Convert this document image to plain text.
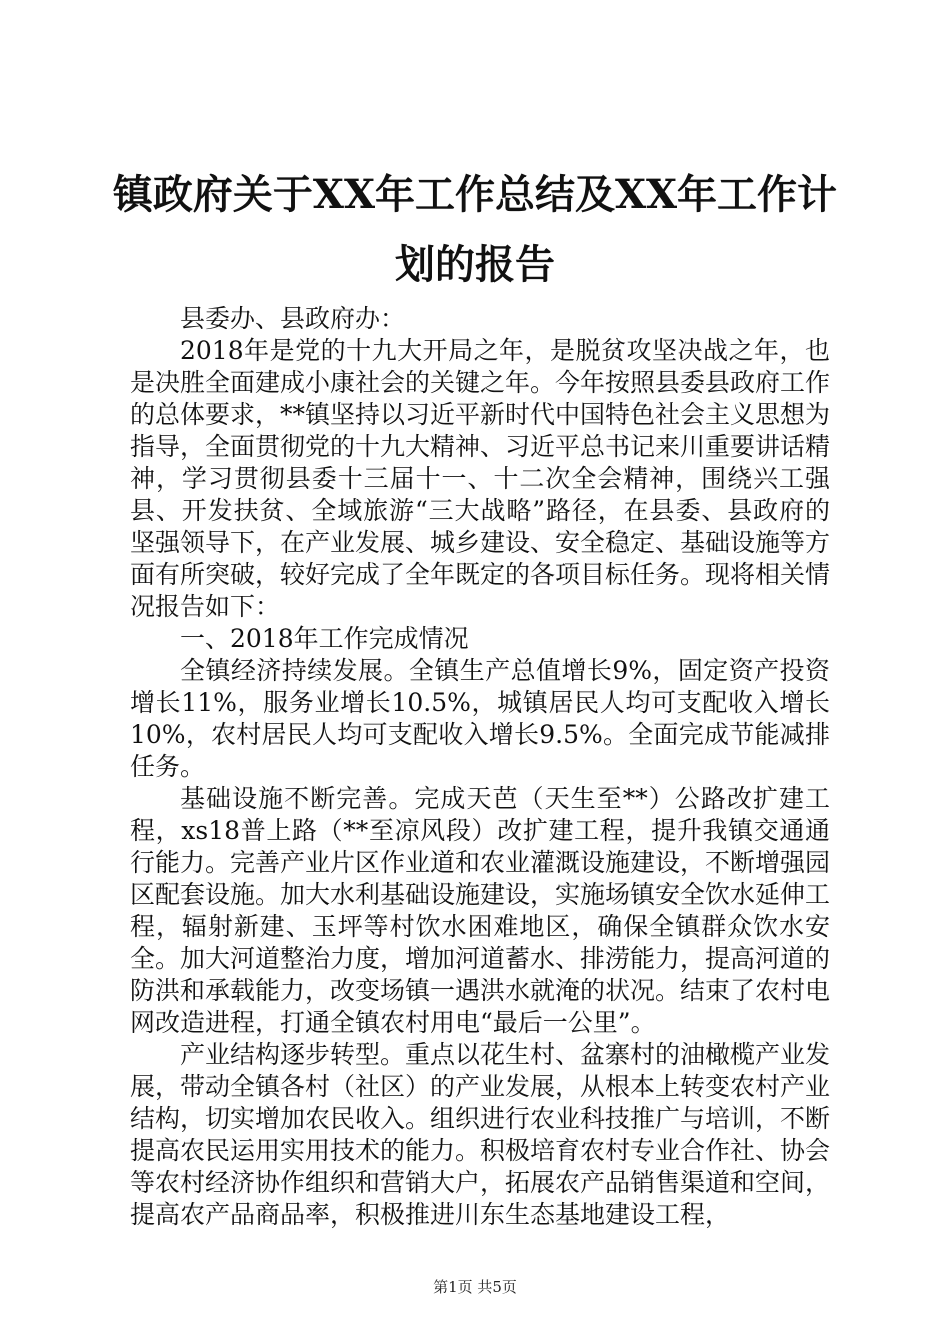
镇政府关于XX年工作总结及XX年工作计划的报告

县委办、县政府办：

2018年是党的十九大开局之年，是脱贫攻坚决战之年，也是决胜全面建成小康社会的关键之年。今年按照县委县政府工作的总体要求，**镇坚持以习近平新时代中国特色社会主义思想为指导，全面贯彻党的十九大精神、习近平总书记来川重要讲话精神，学习贯彻县委十三届十一、十二次全会精神，围绕兴工强县、开发扶贫、全域旅游“三大战略”路径，在县委、县政府的坚强领导下，在产业发展、城乡建设、安全稳定、基础设施等方面有所突破，较好完成了全年既定的各项目标任务。现将相关情况报告如下：

一、2018年工作完成情况

全镇经济持续发展。全镇生产总值增长9%，固定资产投资增长11%，服务业增长10.5%，城镇居民人均可支配收入增长10%，农村居民人均可支配收入增长9.5%。全面完成节能减排任务。

基础设施不断完善。完成天芭（天生至**）公路改扩建工程，xs18普上路（**至凉风段）改扩建工程，提升我镇交通通行能力。完善产业片区作业道和农业灌溉设施建设，不断增强园区配套设施。加大水利基础设施建设，实施场镇安全饮水延伸工程，辐射新建、玉坪等村饮水困难地区，确保全镇群众饮水安全。加大河道整治力度，增加河道蓄水、排涝能力，提高河道的防洪和承载能力，改变场镇一遇洪水就淹的状况。结束了农村电网改造进程，打通全镇农村用电“最后一公里”。

产业结构逐步转型。重点以花生村、盆寨村的油橄榄产业发展，带动全镇各村（社区）的产业发展，从根本上转变农村产业结构，切实增加农民收入。组织进行农业科技推广与培训，不断提高农民运用实用技术的能力。积极培育农村专业合作社、协会等农村经济协作组织和营销大户，拓展农产品销售渠道和空间，提高农产品商品率，积极推进川东生态基地建设工程，

第1页 共5页
